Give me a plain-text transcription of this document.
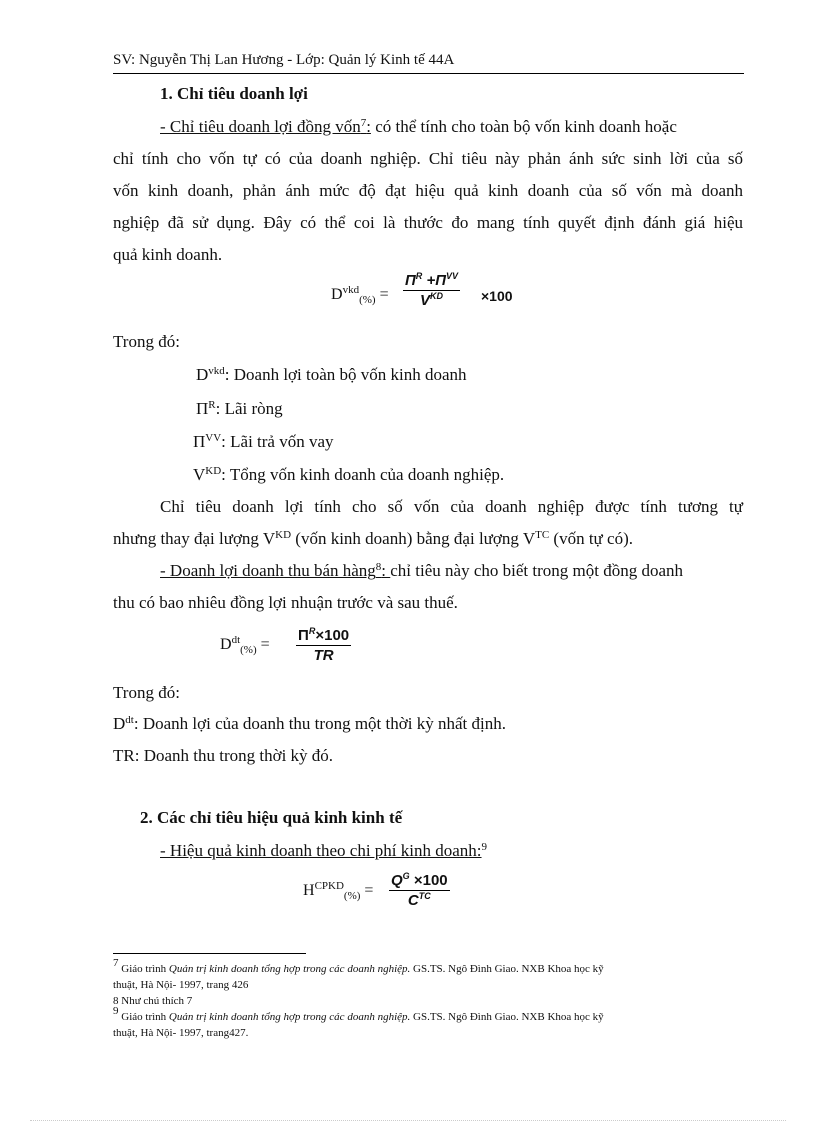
SV: Nguyễn Thị Lan Hương - Lớp: Quản lý Kinh tế 44A
1. Chỉ tiêu doanh lợi
- Chỉ tiêu doanh lợi đồng vốn$^7$: có thể tính cho toàn bộ vốn kinh doanh hoặc
chỉ tính cho vốn tự có của doanh nghiệp. Chỉ tiêu này phản ánh sức sinh lời của số
vốn kinh doanh, phản ánh mức độ đạt hiệu quả kinh doanh của số vốn mà doanh
nghiệp đã sử dụng. Đây có thể coi là thước đo mang tính quyết định đánh giá hiệu
quả kinh doanh.
$D^{vkd}_{(\%)}$ =
$\Pi^R +\Pi^{VV}$
$V^{KD}$	×100
Trong đó:
$D^{vkd}$: Doanh lợi toàn bộ vốn kinh doanh
$\Pi^R$: Lãi ròng
$\Pi^{VV}$: Lãi trả vốn vay
$V^{KD}$: Tổng vốn kinh doanh của doanh nghiệp.
Chỉ tiêu doanh lợi tính cho số vốn của doanh nghiệp được tính tương tự
nhưng thay đại lượng $V^{KD}$ (vốn kinh doanh) bằng đại lượng $V^{TC}$ (vốn tự có).
- Doanh lợi doanh thu bán hàng$^8$: chỉ tiêu này cho biết trong một đồng doanh
thu có bao nhiêu đồng lợi nhuận trước và sau thuế.
$D^{dt}_{(\%)}$ =
$\Pi^R\times 100$
TR
Trong đó:
$D^{dt}$: Doanh lợi của doanh thu trong một thời kỳ nhất định.
TR: Doanh thu trong thời kỳ đó.
2. Các chỉ tiêu hiệu quả kinh kinh tế
- Hiệu quả kinh doanh theo chi phí kinh doanh:$^9$
$H^{CPKD}_{(\%)}$ =
$Q^G \times 100$
$C^{TC}$
$^7$ Giáo trình Quản trị kinh doanh tổng hợp trong các doanh nghiệp. GS.TS. Ngô Đình Giao. NXB Khoa học kỹ
thuật, Hà Nội- 1997, trang 426
8 Như chú thích 7
$^9$ Giáo trình Quản trị kinh doanh tổng hợp trong các doanh nghiệp. GS.TS. Ngô Đình Giao. NXB Khoa học kỹ
thuật, Hà Nội- 1997, trang427.
